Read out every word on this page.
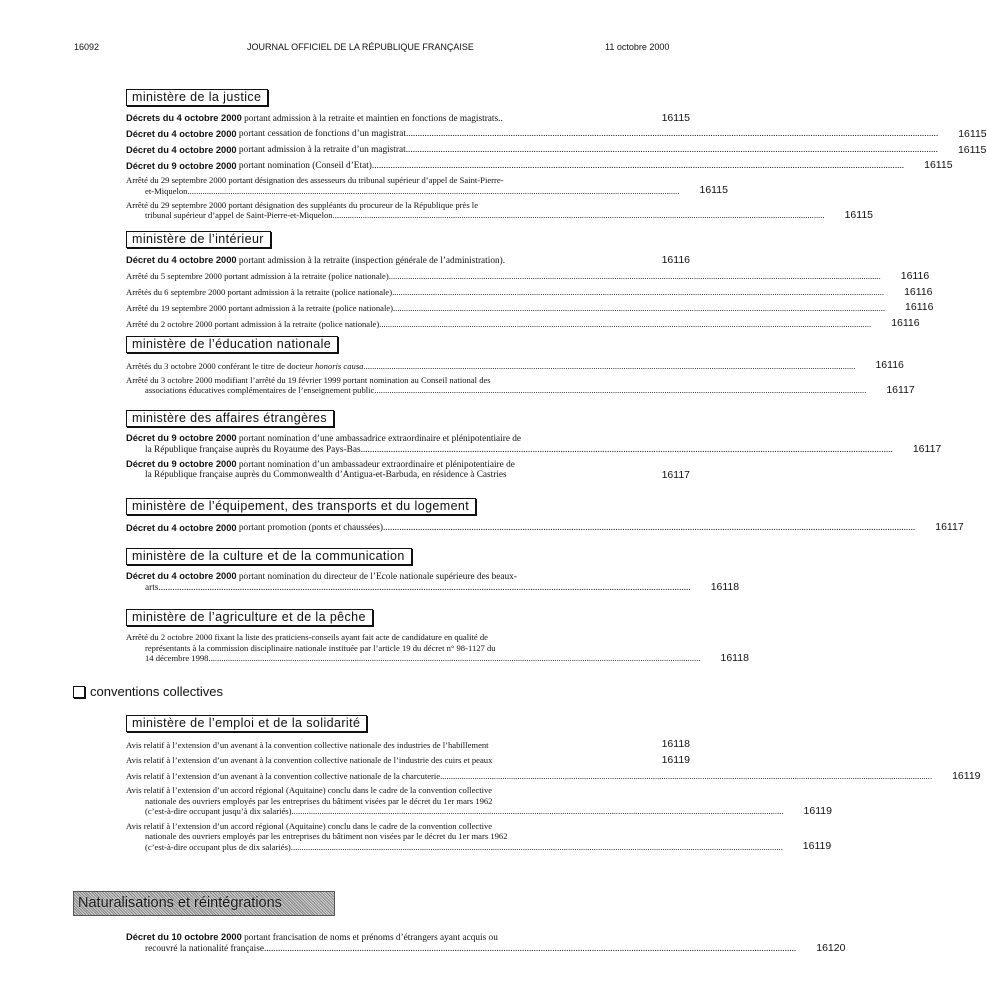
16092	JOURNAL OFFICIEL DE LA RÉPUBLIQUE FRANÇAISE	11 octobre 2000
ministère de la justice
Décrets du 4 octobre 2000 portant admission à la retraite et maintien en fonctions de magistrats..	16115
Décret du 4 octobre 2000 portant cessation de fonctions d’un magistrat ..................................................................................................................................................................................................................................... 16115
Décret du 4 octobre 2000 portant admission à la retraite d’un magistrat ..................................................................................................................................................................................................................................... 16115
Décret du 9 octobre 2000 portant nomination (Conseil d’Etat) ..................................................................................................................................................................................................................................... 16115
Arrêté du 29 septembre 2000 portant désignation des assesseurs du tribunal supérieur d’appel de Saint-Pierre-
et-Miquelon ..................................................................................................................................................................................................................................... 16115
Arrêté du 29 septembre 2000 portant désignation des suppléants du procureur de la République près le
tribunal supérieur d’appel de Saint-Pierre-et-Miquelon ..................................................................................................................................................................................................................................... 16115
ministère de l’intérieur
Décret du 4 octobre 2000 portant admission à la retraite (inspection générale de l’administration).	16116
Arrêté du 5 septembre 2000 portant admission à la retraite (police nationale) ..................................................................................................................................................................................................................................... 16116
Arrêtés du 6 septembre 2000 portant admission à la retraite (police nationale) ..................................................................................................................................................................................................................................... 16116
Arrêté du 19 septembre 2000 portant admission à la retraite (police nationale) ..................................................................................................................................................................................................................................... 16116
Arrêté du 2 octobre 2000 portant admission à la retraite (police nationale) ..................................................................................................................................................................................................................................... 16116
ministère de l’éducation nationale
Arrêtés du 3 octobre 2000 conférant le titre de docteur honoris causa ..................................................................................................................................................................................................................................... 16116
Arrêté du 3 octobre 2000 modifiant l’arrêté du 19 février 1999 portant nomination au Conseil national des
associations éducatives complémentaires de l’enseignement public ..................................................................................................................................................................................................................................... 16117
ministère des affaires étrangères
Décret du 9 octobre 2000 portant nomination d’une ambassadrice extraordinaire et plénipotentiaire de
la République française auprès du Royaume des Pays-Bas ..................................................................................................................................................................................................................................... 16117
Décret du 9 octobre 2000 portant nomination d’un ambassadeur extraordinaire et plénipotentiaire de
la République française auprès du Commonwealth d’Antigua-et-Barbuda, en résidence à Castries	16117
ministère de l’équipement, des transports et du logement
Décret du 4 octobre 2000 portant promotion (ponts et chaussées) ..................................................................................................................................................................................................................................... 16117
ministère de la culture et de la communication
Décret du 4 octobre 2000 portant nomination du directeur de l’Ecole nationale supérieure des beaux-
arts ..................................................................................................................................................................................................................................... 16118
ministère de l’agriculture et de la pêche
Arrêté du 2 octobre 2000 fixant la liste des praticiens-conseils ayant fait acte de candidature en qualité de
représentants à la commission disciplinaire nationale instituée par l’article 19 du décret n° 98-1127 du
14 décembre 1998 ..................................................................................................................................................................................................................................... 16118
conventions collectives
ministère de l’emploi et de la solidarité
Avis relatif à l’extension d’un avenant à la convention collective nationale des industries de l’habillement	16118
Avis relatif à l’extension d’un avenant à la convention collective nationale de l’industrie des cuirs et peaux	16119
Avis relatif à l’extension d’un avenant à la convention collective nationale de la charcuterie ..................................................................................................................................................................................................................................... 16119
Avis relatif à l’extension d’un accord régional (Aquitaine) conclu dans le cadre de la convention collective
nationale des ouvriers employés par les entreprises du bâtiment visées par le décret du 1er mars 1962
(c’est-à-dire occupant jusqu’à dix salariés) ..................................................................................................................................................................................................................................... 16119
Avis relatif à l’extension d’un accord régional (Aquitaine) conclu dans le cadre de la convention collective
nationale des ouvriers employés par les entreprises du bâtiment non visées par le décret du 1er mars 1962
(c’est-à-dire occupant plus de dix salariés) ..................................................................................................................................................................................................................................... 16119
Naturalisations et réintégrations
Décret du 10 octobre 2000 portant francisation de noms et prénoms d’étrangers ayant acquis ou
recouvré la nationalité française ..................................................................................................................................................................................................................................... 16120
